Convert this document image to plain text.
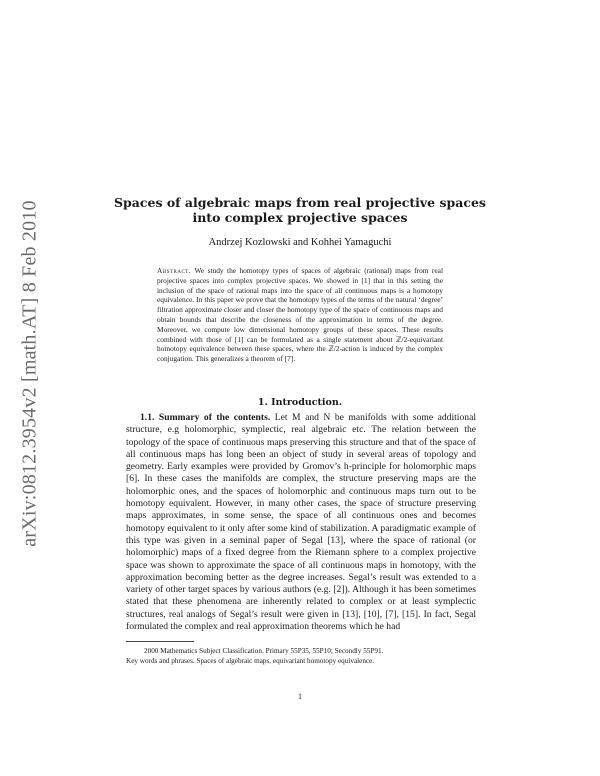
arXiv:0812.3954v2 [math.AT] 8 Feb 2010	Spaces of algebraic maps from real projective spaces into complex projective spaces
Andrzej Kozlowski and Kohhei Yamaguchi
Abstract. We study the homotopy types of spaces of algebraic (rational) maps from real projective spaces into complex projective spaces. We showed in [1] that in this setting the inclusion of the space of rational maps into the space of all continuous maps is a homotopy equivalence. In this paper we prove that the homotopy types of the terms of the natural ‘degree’ filtration approximate closer and closer the homotopy type of the space of continuous maps and obtain bounds that describe the closeness of the approximation in terms of the degree. Moreover, we compute low dimensional homotopy groups of these spaces. These results combined with those of [1] can be formulated as a single statement about ℤ/2-equivariant homotopy equivalence between these spaces, where the ℤ/2-action is induced by the complex conjugation. This generalizes a theorem of [7].
1. Introduction.
1.1. Summary of the contents. Let M and N be manifolds with some additional structure, e.g holomorphic, symplectic, real algebraic etc. The relation between the topology of the space of continuous maps preserving this structure and that of the space of all continuous maps has long been an object of study in several areas of topology and geometry. Early examples were provided by Gromov’s h-principle for holomorphic maps [6]. In these cases the manifolds are complex, the structure preserving maps are the holomorphic ones, and the spaces of holomorphic and continuous maps turn out to be homotopy equivalent. However, in many other cases, the space of structure preserving maps approximates, in some sense, the space of all continuous ones and becomes homotopy equivalent to it only after some kind of stabilization. A paradigmatic example of this type was given in a seminal paper of Segal [13], where the space of rational (or holomorphic) maps of a fixed degree from the Riemann sphere to a complex projective space was shown to approximate the space of all continuous maps in homotopy, with the approximation becoming better as the degree increases. Segal’s result was extended to a variety of other target spaces by various authors (e.g. [2]). Although it has been sometimes stated that these phenomena are inherently related to complex or at least symplectic structures, real analogs of Segal’s result were given in [13], [10], [7], [15]. In fact, Segal formulated the complex and real approximation theorems which he had
2000 Mathematics Subject Classification. Primary 55P35, 55P10; Secondly 55P91.
Key words and phrases. Spaces of algebraic maps, equivariant homotopy equivalence.
1
